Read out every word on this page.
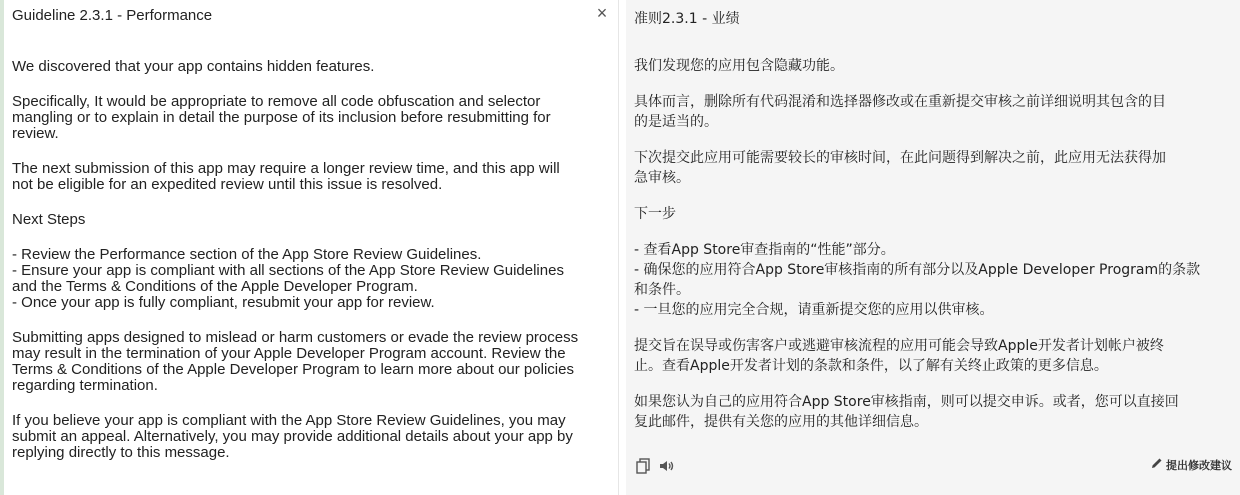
Guideline 2.3.1 - Performance	×

We discovered that your app contains hidden features.

Specifically, It would be appropriate to remove all code obfuscation and selector
mangling or to explain in detail the purpose of its inclusion before resubmitting for
review.

The next submission of this app may require a longer review time, and this app will
not be eligible for an expedited review until this issue is resolved.

Next Steps

- Review the Performance section of the App Store Review Guidelines.
- Ensure your app is compliant with all sections of the App Store Review Guidelines
and the Terms & Conditions of the Apple Developer Program.
- Once your app is fully compliant, resubmit your app for review.

Submitting apps designed to mislead or harm customers or evade the review process
may result in the termination of your Apple Developer Program account. Review the
Terms & Conditions of the Apple Developer Program to learn more about our policies
regarding termination.

If you believe your app is compliant with the App Store Review Guidelines, you may
submit an appeal. Alternatively, you may provide additional details about your app by
replying directly to this message.

准则2.3.1 - 业绩

我们发现您的应用包含隐藏功能。

具体而言，删除所有代码混淆和选择器修改或在重新提交审核之前详细说明其包含的目
的是适当的。

下次提交此应用可能需要较长的审核时间，在此问题得到解决之前，此应用无法获得加
急审核。

下一步

- 查看App Store审查指南的“性能”部分。
- 确保您的应用符合App Store审核指南的所有部分以及Apple Developer Program的条款
和条件。
- 一旦您的应用完全合规，请重新提交您的应用以供审核。

提交旨在误导或伤害客户或逃避审核流程的应用可能会导致Apple开发者计划帐户被终
止。查看Apple开发者计划的条款和条件，以了解有关终止政策的更多信息。

如果您认为自己的应用符合App Store审核指南，则可以提交申诉。或者，您可以直接回
复此邮件，提供有关您的应用的其他详细信息。

提出修改建议
